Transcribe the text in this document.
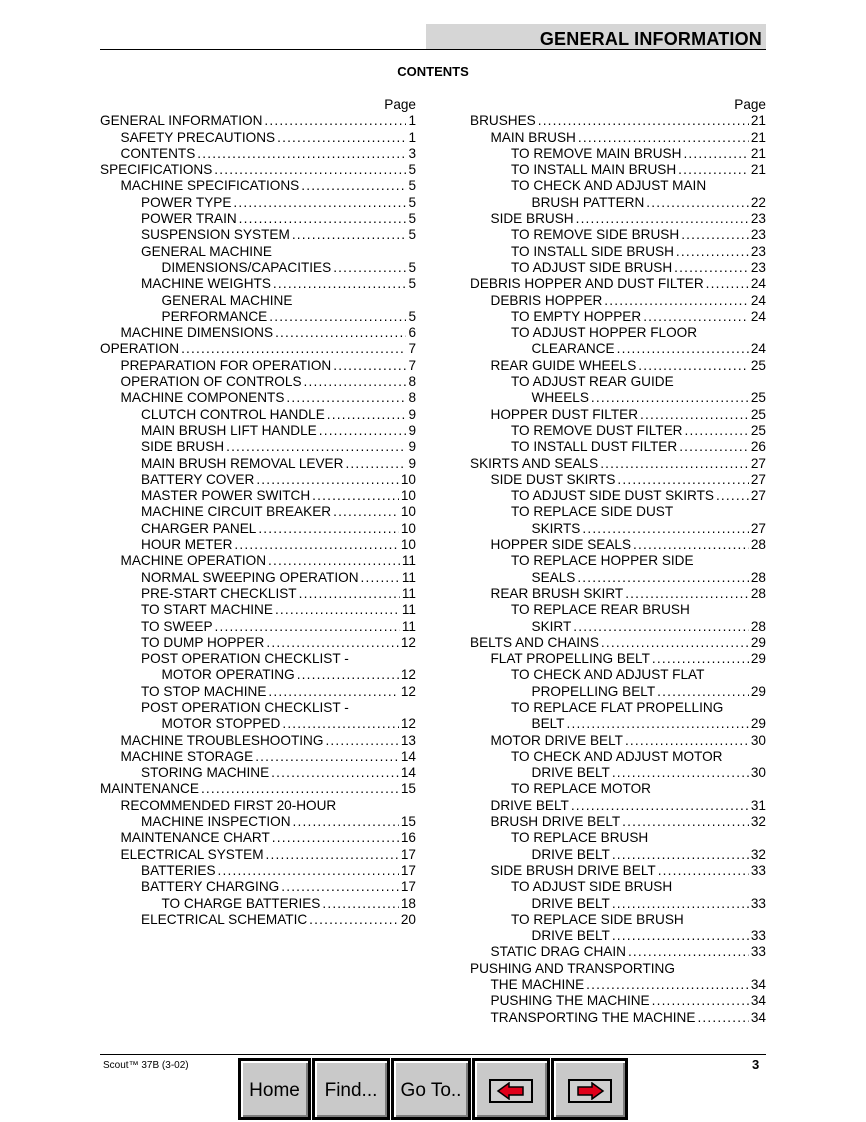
GENERAL INFORMATION
CONTENTS
Page
GENERAL INFORMATION .....	1
SAFETY PRECAUTIONS .....	1
CONTENTS .....	3
SPECIFICATIONS .....	5
MACHINE SPECIFICATIONS .....	5
POWER TYPE .....	5
POWER TRAIN .....	5
SUSPENSION SYSTEM .....	5
GENERAL MACHINE
DIMENSIONS/CAPACITIES .....	5
MACHINE WEIGHTS .....	5
GENERAL MACHINE
PERFORMANCE .....	5
MACHINE DIMENSIONS .....	6
OPERATION .....	7
PREPARATION FOR OPERATION .....	7
OPERATION OF CONTROLS .....	8
MACHINE COMPONENTS .....	8
CLUTCH CONTROL HANDLE .....	9
MAIN BRUSH LIFT HANDLE .....	9
SIDE BRUSH .....	9
MAIN BRUSH REMOVAL LEVER .....	9
BATTERY COVER .....	10
MASTER POWER SWITCH .....	10
MACHINE CIRCUIT BREAKER .....	10
CHARGER PANEL .....	10
HOUR METER .....	10
MACHINE OPERATION .....	11
NORMAL SWEEPING OPERATION .....	11
PRE-START CHECKLIST .....	11
TO START MACHINE .....	11
TO SWEEP .....	11
TO DUMP HOPPER .....	12
POST OPERATION CHECKLIST -
MOTOR OPERATING .....	12
TO STOP MACHINE .....	12
POST OPERATION CHECKLIST -
MOTOR STOPPED .....	12
MACHINE TROUBLESHOOTING .....	13
MACHINE STORAGE .....	14
STORING MACHINE .....	14
MAINTENANCE .....	15
RECOMMENDED FIRST 20-HOUR
MACHINE INSPECTION .....	15
MAINTENANCE CHART .....	16
ELECTRICAL SYSTEM .....	17
BATTERIES .....	17
BATTERY CHARGING .....	17
TO CHARGE BATTERIES .....	18
ELECTRICAL SCHEMATIC .....	20
Page
BRUSHES .....	21
MAIN BRUSH .....	21
TO REMOVE MAIN BRUSH .....	21
TO INSTALL MAIN BRUSH .....	21
TO CHECK AND ADJUST MAIN
BRUSH PATTERN .....	22
SIDE BRUSH .....	23
TO REMOVE SIDE BRUSH .....	23
TO INSTALL SIDE BRUSH .....	23
TO ADJUST SIDE BRUSH .....	23
DEBRIS HOPPER AND DUST FILTER .....	24
DEBRIS HOPPER .....	24
TO EMPTY HOPPER .....	24
TO ADJUST HOPPER FLOOR
CLEARANCE .....	24
REAR GUIDE WHEELS .....	25
TO ADJUST REAR GUIDE
WHEELS .....	25
HOPPER DUST FILTER .....	25
TO REMOVE DUST FILTER .....	25
TO INSTALL DUST FILTER .....	26
SKIRTS AND SEALS .....	27
SIDE DUST SKIRTS .....	27
TO ADJUST SIDE DUST SKIRTS .....	27
TO REPLACE SIDE DUST
SKIRTS .....	27
HOPPER SIDE SEALS .....	28
TO REPLACE HOPPER SIDE
SEALS .....	28
REAR BRUSH SKIRT .....	28
TO REPLACE REAR BRUSH
SKIRT .....	28
BELTS AND CHAINS .....	29
FLAT PROPELLING BELT .....	29
TO CHECK AND ADJUST FLAT
PROPELLING BELT .....	29
TO REPLACE FLAT PROPELLING
BELT .....	29
MOTOR DRIVE BELT .....	30
TO CHECK AND ADJUST MOTOR
DRIVE BELT .....	30
TO REPLACE MOTOR
DRIVE BELT .....	31
BRUSH DRIVE BELT .....	32
TO REPLACE BRUSH
DRIVE BELT .....	32
SIDE BRUSH DRIVE BELT .....	33
TO ADJUST SIDE BRUSH
DRIVE BELT .....	33
TO REPLACE SIDE BRUSH
DRIVE BELT .....	33
STATIC DRAG CHAIN .....	33
PUSHING AND TRANSPORTING
THE MACHINE .....	34
PUSHING THE MACHINE .....	34
TRANSPORTING THE MACHINE .....	34
Scout™ 37B (3-02)	3
Home	Find...	Go To..
